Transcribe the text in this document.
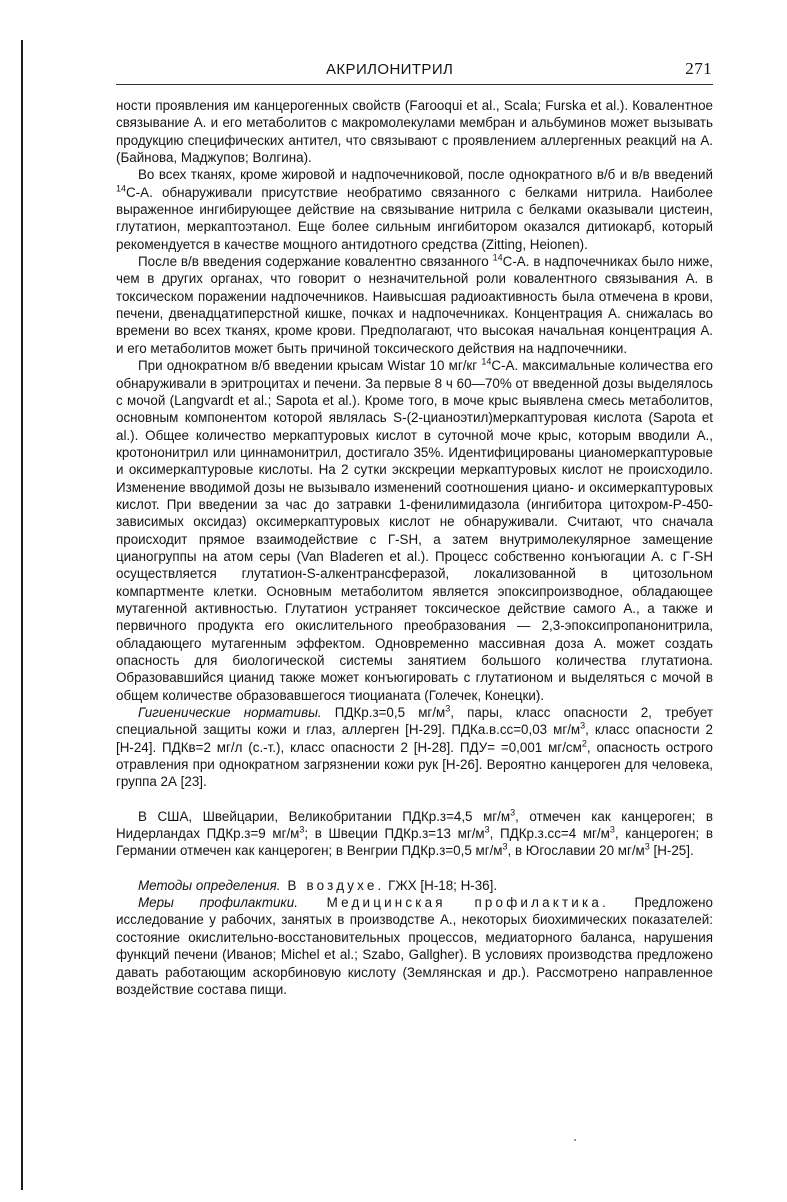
АКРИЛОНИТРИЛ	271

ности проявления им канцерогенных свойств (Farooqui et al., Scala; Furska et al.). Ковалентное связывание А. и его метаболитов с макромолекулами мембран и альбуминов может вызывать продукцию специфических антител, что связывают с проявлением аллергенных реакций на А. (Байнова, Маджупов; Волгина).

Во всех тканях, кроме жировой и надпочечниковой, после однократного в/б и в/в введений $^{14}$С-А. обнаруживали присутствие необратимо связанного с белками нитрила. Наиболее выраженное ингибирующее действие на связывание нитрила с белками оказывали цистеин, глутатион, меркаптоэтанол. Еще более сильным ингибитором оказался дитиокарб, который рекомендуется в качестве мощного антидотного средства (Zitting, Heionen).

После в/в введения содержание ковалентно связанного $^{14}$С-А. в надпочечниках было ниже, чем в других органах, что говорит о незначительной роли ковалентного связывания А. в токсическом поражении надпочечников. Наивысшая радиоактивность была отмечена в крови, печени, двенадцатиперстной кишке, почках и надпочечниках. Концентрация А. снижалась во времени во всех тканях, кроме крови. Предполагают, что высокая начальная концентрация А. и его метаболитов может быть причиной токсического действия на надпочечники.

При однократном в/б введении крысам Wistar 10 мг/кг $^{14}$С-А. максимальные количества его обнаруживали в эритроцитах и печени. За первые 8 ч 60—70% от введенной дозы выделялось с мочой (Langvardt et al.; Sapota et al.). Кроме того, в моче крыс выявлена смесь метаболитов, основным компонентом которой являлась S-(2-цианоэтил)меркаптуровая кислота (Sapota et al.). Общее количество меркаптуровых кислот в суточной моче крыс, которым вводили А., кротононитрил или циннамонитрил, достигало 35%. Идентифицированы цианомеркаптуровые и оксимеркаптуровые кислоты. На 2 сутки экскреции меркаптуровых кислот не происходило. Изменение вводимой дозы не вызывало изменений соотношения циано- и оксимеркаптуровых кислот. При введении за час до затравки 1-фенилимидазола (ингибитора цитохром-Р-450-зависимых оксидаз) оксимеркаптуровых кислот не обнаруживали. Считают, что сначала происходит прямое взаимодействие с Г-SH, а затем внутримолекулярное замещение цианогруппы на атом серы (Van Bladeren et al.). Процесс собственно конъюгации А. с Г-SH осуществляется глутатион-S-алкентрансферазой, локализованной в цитозольном компартменте клетки. Основным метаболитом является эпоксипроизводное, обладающее мутагенной активностью. Глутатион устраняет токсическое действие самого А., а также и первичного продукта его окислительного преобразования — 2,3-эпоксипропанонитрила, обладающего мутагенным эффектом. Одновременно массивная доза А. может создать опасность для биологической системы занятием большого количества глутатиона. Образовавшийся цианид также может конъюгировать с глутатионом и выделяться с мочой в общем количестве образовавшегося тиоцианата (Голечек, Конецки).

Гигиенические нормативы. ПДКр.з=0,5 $мг/м^3$, пары, класс опасности 2, требует специальной защиты кожи и глаз, аллерген [Н-29]. ПДКа.в.сс=0,03 $мг/м^3$, класс опасности 2 [Н-24]. ПДКв=2 мг/л (с.-т.), класс опасности 2 [Н-28]. ПДУ= =0,001 $мг/см^2$, опасность острого отравления при однократном загрязнении кожи рук [Н-26]. Вероятно канцероген для человека, группа 2А [23].

В США, Швейцарии, Великобритании ПДКр.з=4,5 $мг/м^3$, отмечен как канцероген; в Нидерландах ПДКр.з=9 $мг/м^3$; в Швеции ПДКр.з=13 $мг/м^3$, ПДКр.з.сс=4 $мг/м^3$, канцероген; в Германии отмечен как канцероген; в Венгрии ПДКр.з=0,5 $мг/м^3$, в Югославии 20 $мг/м^3$ [Н-25].

Методы определения. В воздухе. ГЖХ [Н-18; Н-36].

Меры профилактики. Медицинская профилактика. Предложено исследование у рабочих, занятых в производстве А., некоторых биохимических показателей: состояние окислительно-восстановительных процессов, медиаторного баланса, нарушения функций печени (Иванов; Michel et al.; Szabo, Gallgher). В условиях производства предложено давать работающим аскорбиновую кислоту (Землянская и др.). Рассмотрено направленное воздействие состава пищи.
